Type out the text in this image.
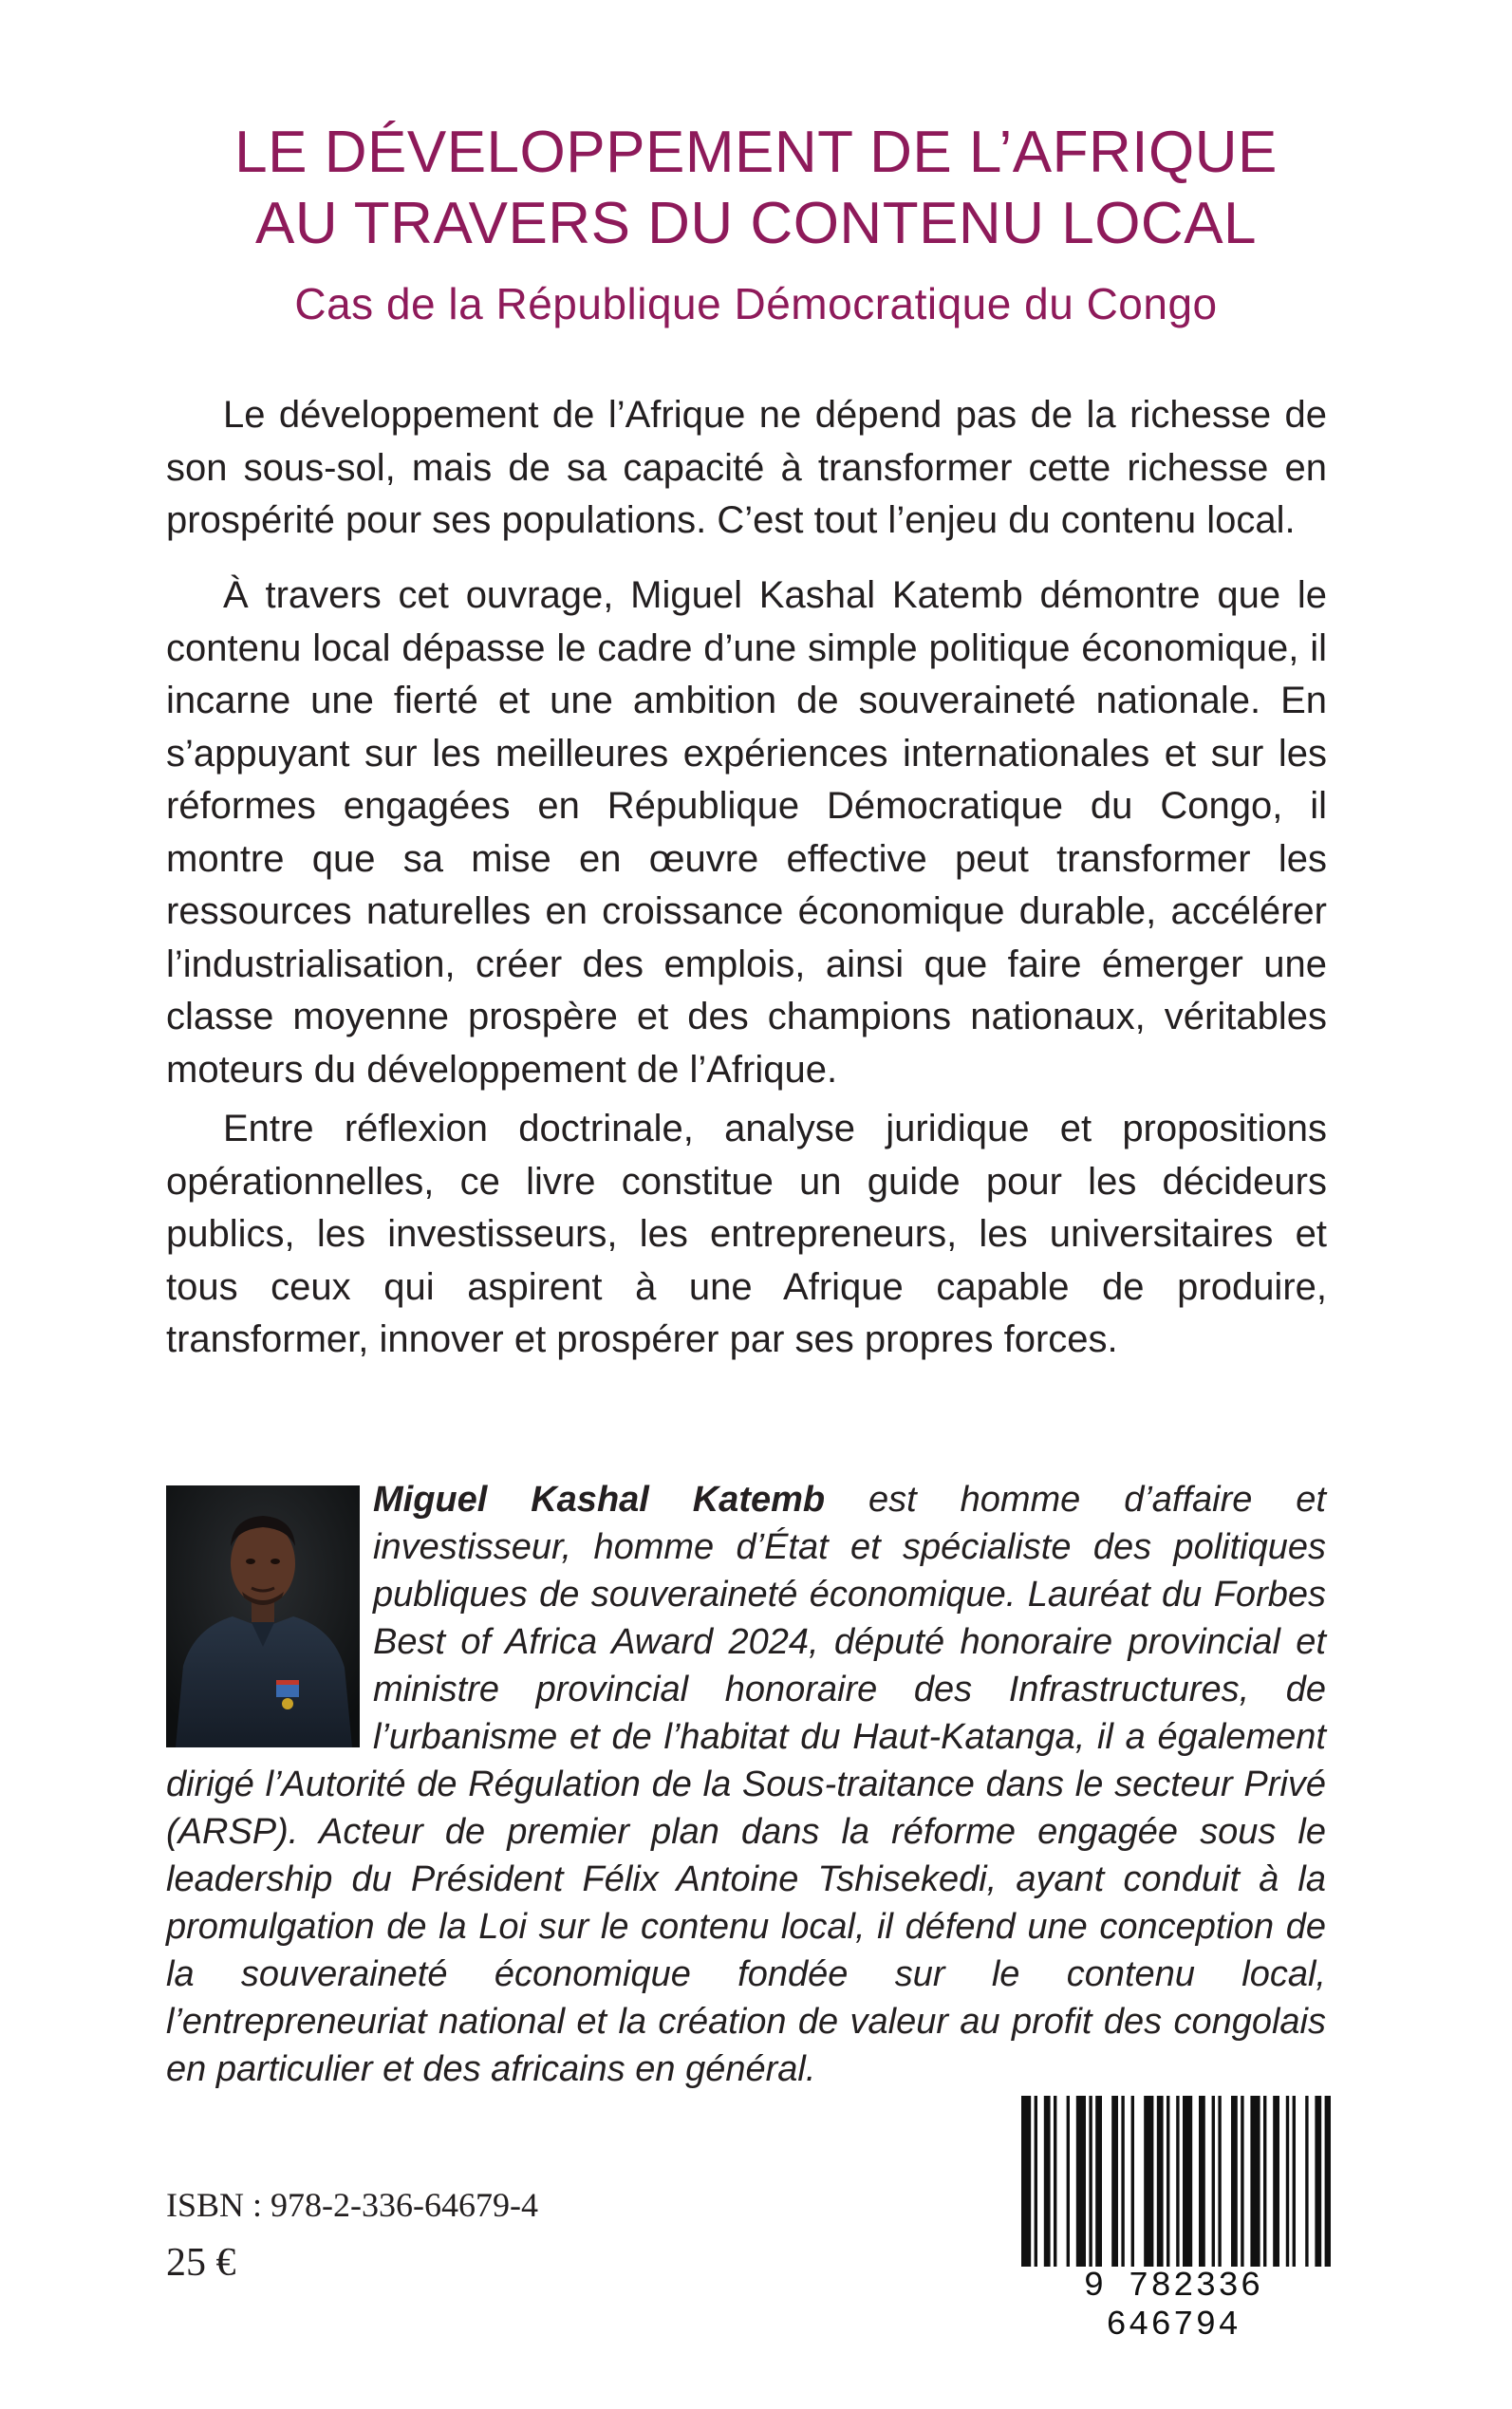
LE DÉVELOPPEMENT DE L’AFRIQUE
AU TRAVERS DU CONTENU LOCAL
Cas de la République Démocratique du Congo

Le développement de l’Afrique ne dépend pas de la richesse de son sous-sol, mais de sa capacité à transformer cette richesse en prospérité pour ses populations. C’est tout l’enjeu du contenu local.

À travers cet ouvrage, Miguel Kashal Katemb démontre que le contenu local dépasse le cadre d’une simple politique économique, il incarne une fierté et une ambition de souveraineté nationale. En s’appuyant sur les meilleures expériences internationales et sur les réformes engagées en République Démocratique du Congo, il montre que sa mise en œuvre effective peut transformer les ressources naturelles en croissance économique durable, accélérer l’industrialisation, créer des emplois, ainsi que faire émerger une classe moyenne prospère et des champions nationaux, véritables moteurs du développement de l’Afrique.

Entre réflexion doctrinale, analyse juridique et propositions opérationnelles, ce livre constitue un guide pour les décideurs publics, les investisseurs, les entrepreneurs, les universitaires et tous ceux qui aspirent à une Afrique capable de produire, transformer, innover et prospérer par ses propres forces.

Miguel Kashal Katemb est homme d’affaire et investisseur, homme d’État et spécialiste des politiques publiques de souveraineté économique. Lauréat du Forbes Best of Africa Award 2024, député honoraire provincial et ministre provincial honoraire des Infrastructures, de l’urbanisme et de l’habitat du Haut-Katanga, il a également dirigé l’Autorité de Régulation de la Sous-traitance dans le secteur Privé (ARSP). Acteur de premier plan dans la réforme engagée sous le leadership du Président Félix Antoine Tshisekedi, ayant conduit à la promulgation de la Loi sur le contenu local, il défend une conception de la souveraineté économique fondée sur le contenu local, l’entrepreneuriat national et la création de valeur au profit des congolais en particulier et des africains en général.
ISBN : 978-2-336-64679-4
25 €
9 782336 646794
